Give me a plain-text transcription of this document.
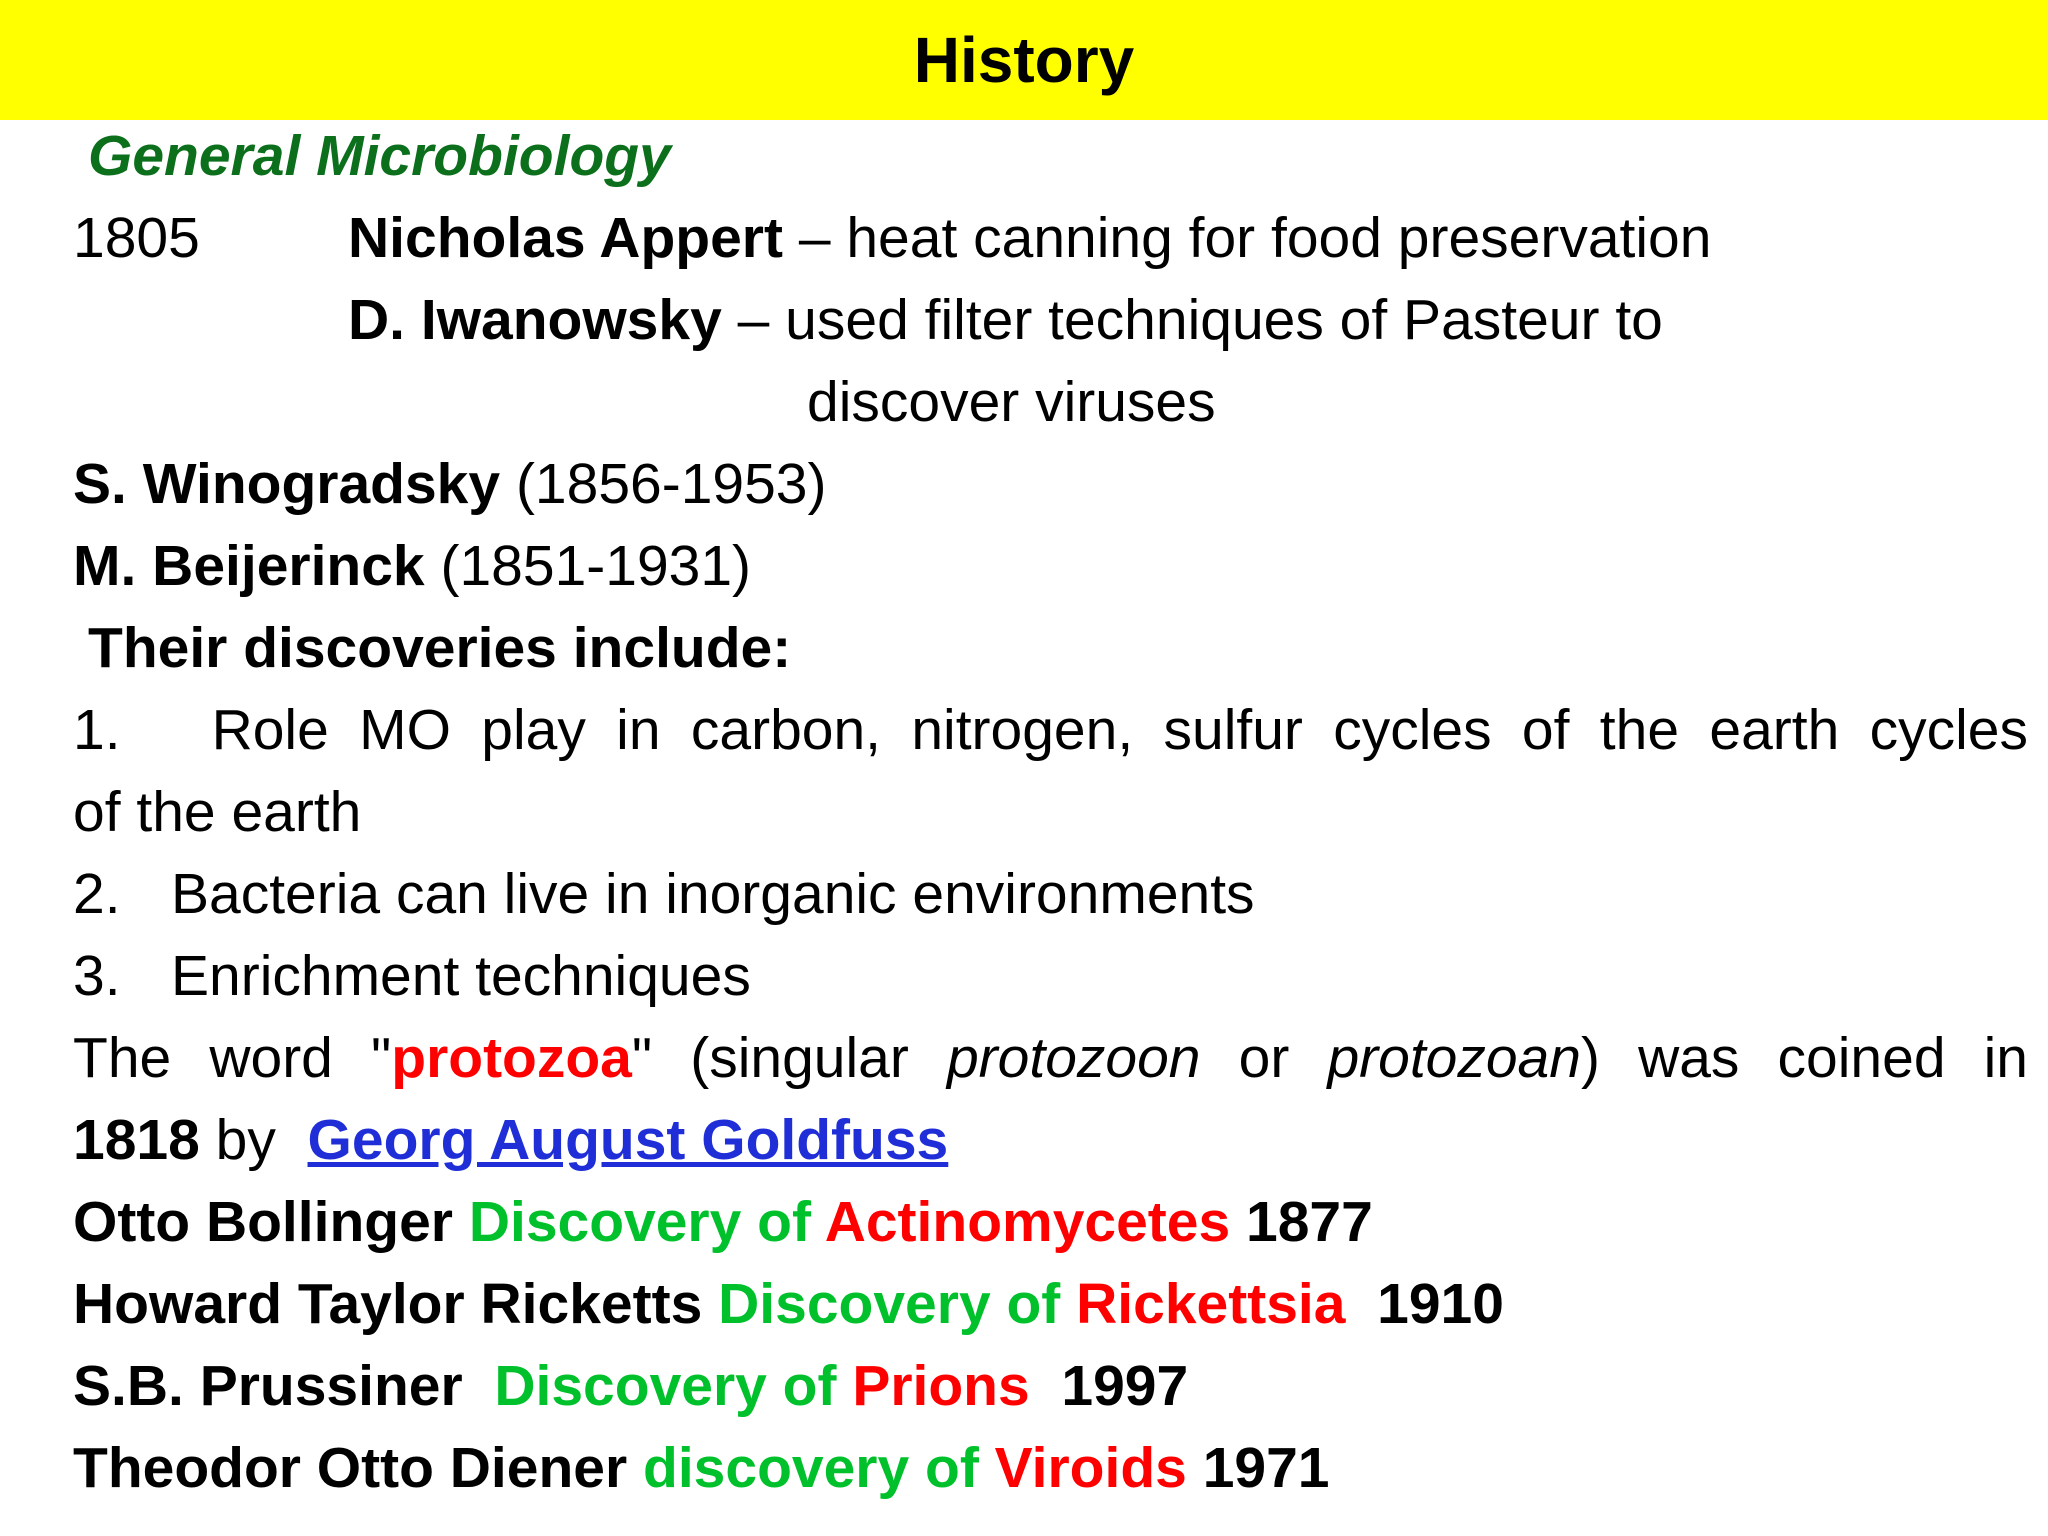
History
General Microbiology
1805	Nicholas Appert – heat canning for food preservation
D. Iwanowsky – used filter techniques of Pasteur to
discover viruses
S. Winogradsky (1856-1953)
M. Beijerinck (1851-1931)
Their discoveries include:
1. Role MO play in carbon, nitrogen, sulfur cycles of the earth cycles
of the earth
2. Bacteria can live in inorganic environments
3. Enrichment techniques
The word "protozoa" (singular protozoon or protozoan) was coined in
1818 by  Georg August Goldfuss
Otto Bollinger Discovery of Actinomycetes 1877
Howard Taylor Ricketts Discovery of Rickettsia 1910
S.B. Prussiner Discovery of Prions 1997
Theodor Otto Diener discovery of Viroids 1971
